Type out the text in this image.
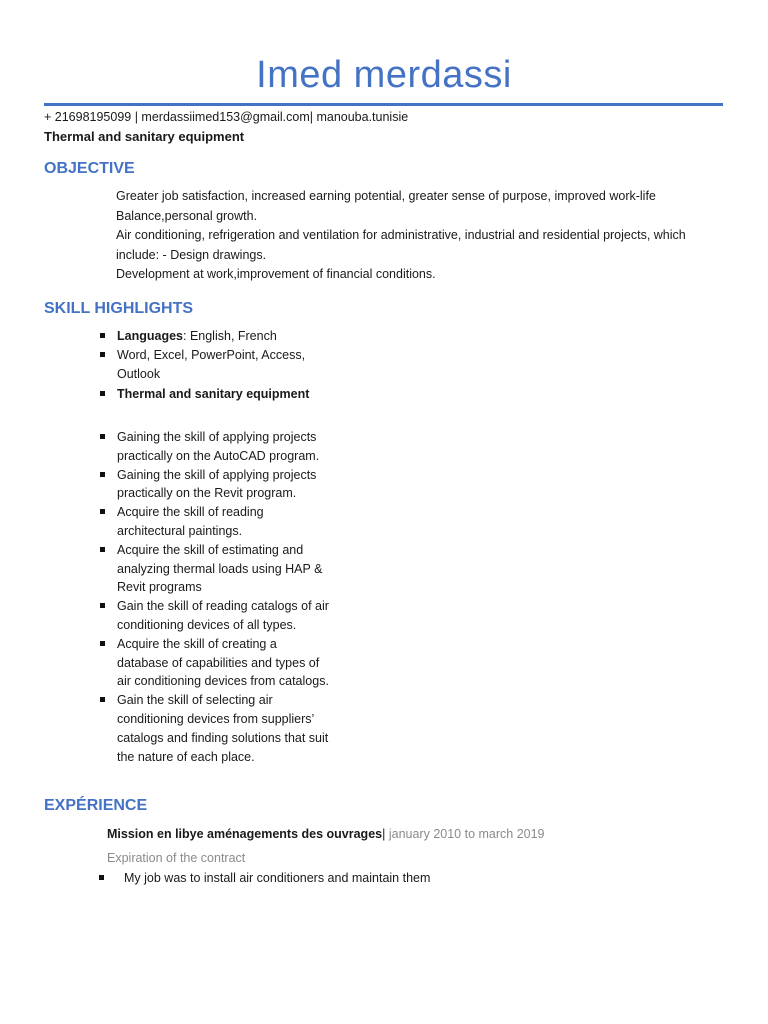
Imed merdassi
+ 21698195099 | merdassiimed153@gmail.com| manouba.tunisie
Thermal and sanitary equipment
OBJECTIVE

Greater job satisfaction, increased earning potential, greater sense of purpose, improved work-life

Balance,personal growth.

Air conditioning, refrigeration and ventilation for administrative, industrial and residential projects, which

include: - Design drawings.

Development at work,improvement of financial conditions.

SKILL HIGHLIGHTS
Languages: English, French
Word, Excel, PowerPoint, Access, Outlook
Thermal and sanitary equipment
Gaining the skill of applying projects practically on the AutoCAD program.
Gaining the skill of applying projects practically on the Revit program.
Acquire the skill of reading architectural paintings.
Acquire the skill of estimating and analyzing thermal loads using HAP & Revit programs
Gain the skill of reading catalogs of air conditioning devices of all types.
Acquire the skill of creating a database of capabilities and types of air conditioning devices from catalogs.
Gain the skill of selecting air conditioning devices from suppliers’ catalogs and finding solutions that suit the nature of each place.
EXPÉRIENCE
Mission en libye aménagements des ouvrages| january 2010 to march 2019
Expiration of the contract
My job was to install air conditioners and maintain them
